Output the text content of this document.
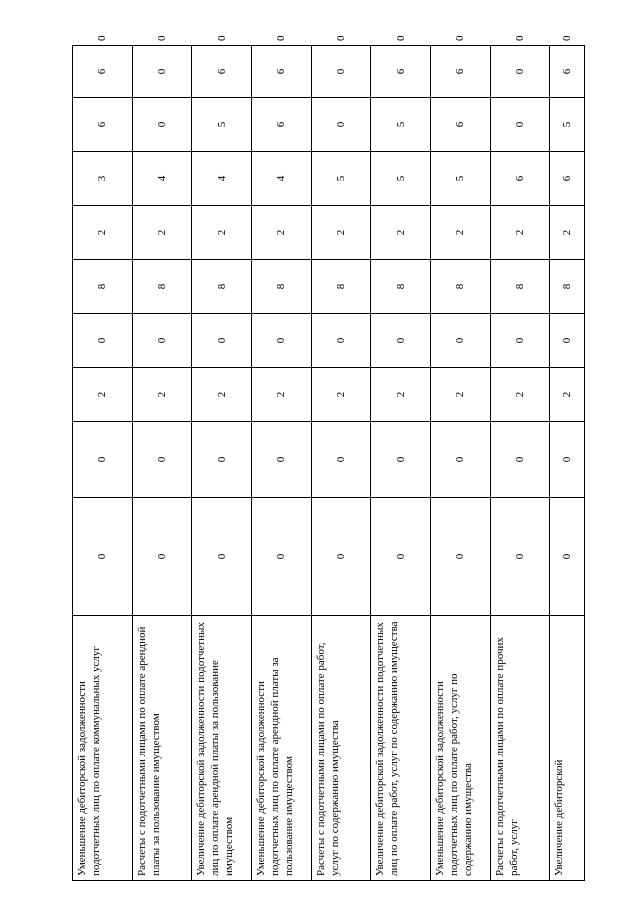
Уменьшение дебиторской задолженности подотчетных лиц по оплате коммунальных услуг	0	0	2	0	8	2	3	6	6	0
Расчеты с подотчетными лицами по оплате арендной платы за пользование имуществом	0	0	2	0	8	2	4	0	0	0
Увеличение дебиторской задолженности подотчетных лиц по оплате арендной платы за пользование имуществом	0	0	2	0	8	2	4	5	6	0
Уменьшение дебиторской задолженности подотчетных лиц по оплате арендной платы за пользование имуществом	0	0	2	0	8	2	4	6	6	0
Расчеты с подотчетными лицами по оплате работ, услуг по содержанию имущества	0	0	2	0	8	2	5	0	0	0
Увеличение дебиторской задолженности подотчетных лиц по оплате работ, услуг по содержанию имущества	0	0	2	0	8	2	5	5	6	0
Уменьшение дебиторской задолженности подотчетных лиц по оплате работ, услуг по содержанию имущества	0	0	2	0	8	2	5	6	6	0
Расчеты с подотчетными лицами по оплате прочих работ, услуг	0	0	2	0	8	2	6	0	0	0
Увеличение дебиторской	0	0	2	0	8	2	6	5	6	0
